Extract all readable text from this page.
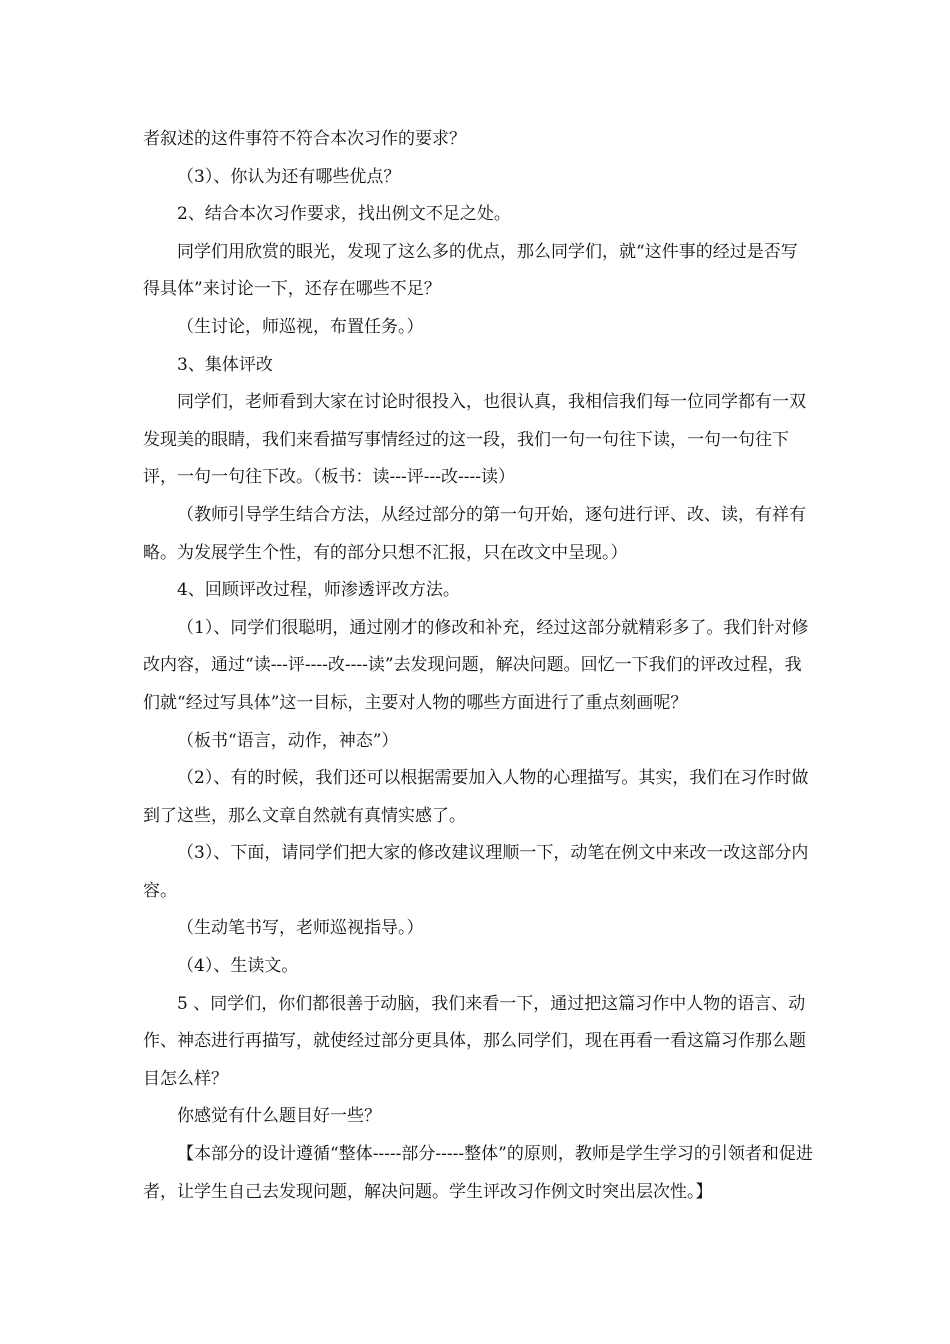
者叙述的这件事符不符合本次习作的要求？

（3）、你认为还有哪些优点？

2、结合本次习作要求，找出例文不足之处。

同学们用欣赏的眼光，发现了这么多的优点，那么同学们，就“这件事的经过是否写得具体”来讨论一下，还存在哪些不足？

（生讨论，师巡视，布置任务。）

3、集体评改

同学们，老师看到大家在讨论时很投入，也很认真，我相信我们每一位同学都有一双发现美的眼睛，我们来看描写事情经过的这一段，我们一句一句往下读，一句一句往下评，一句一句往下改。（板书：读---评---改----读）

（教师引导学生结合方法，从经过部分的第一句开始，逐句进行评、改、读，有祥有略。为发展学生个性，有的部分只想不汇报，只在改文中呈现。）

4、回顾评改过程，师渗透评改方法。

（1）、同学们很聪明，通过刚才的修改和补充，经过这部分就精彩多了。我们针对修改内容，通过“读---评----改----读”去发现问题，解决问题。回忆一下我们的评改过程，我们就“经过写具体”这一目标，主要对人物的哪些方面进行了重点刻画呢？

（板书“语言，动作，神态”）

（2）、有的时候，我们还可以根据需要加入人物的心理描写。其实，我们在习作时做到了这些，那么文章自然就有真情实感了。

（3）、下面，请同学们把大家的修改建议理顺一下，动笔在例文中来改一改这部分内容。

（生动笔书写，老师巡视指导。）

（4）、生读文。

5 、同学们，你们都很善于动脑，我们来看一下，通过把这篇习作中人物的语言、动作、神态进行再描写，就使经过部分更具体，那么同学们，现在再看一看这篇习作那么题目怎么样？

你感觉有什么题目好一些？

【本部分的设计遵循“整体-----部分-----整体”的原则，教师是学生学习的引领者和促进者，让学生自己去发现问题，解决问题。学生评改习作例文时突出层次性。】
